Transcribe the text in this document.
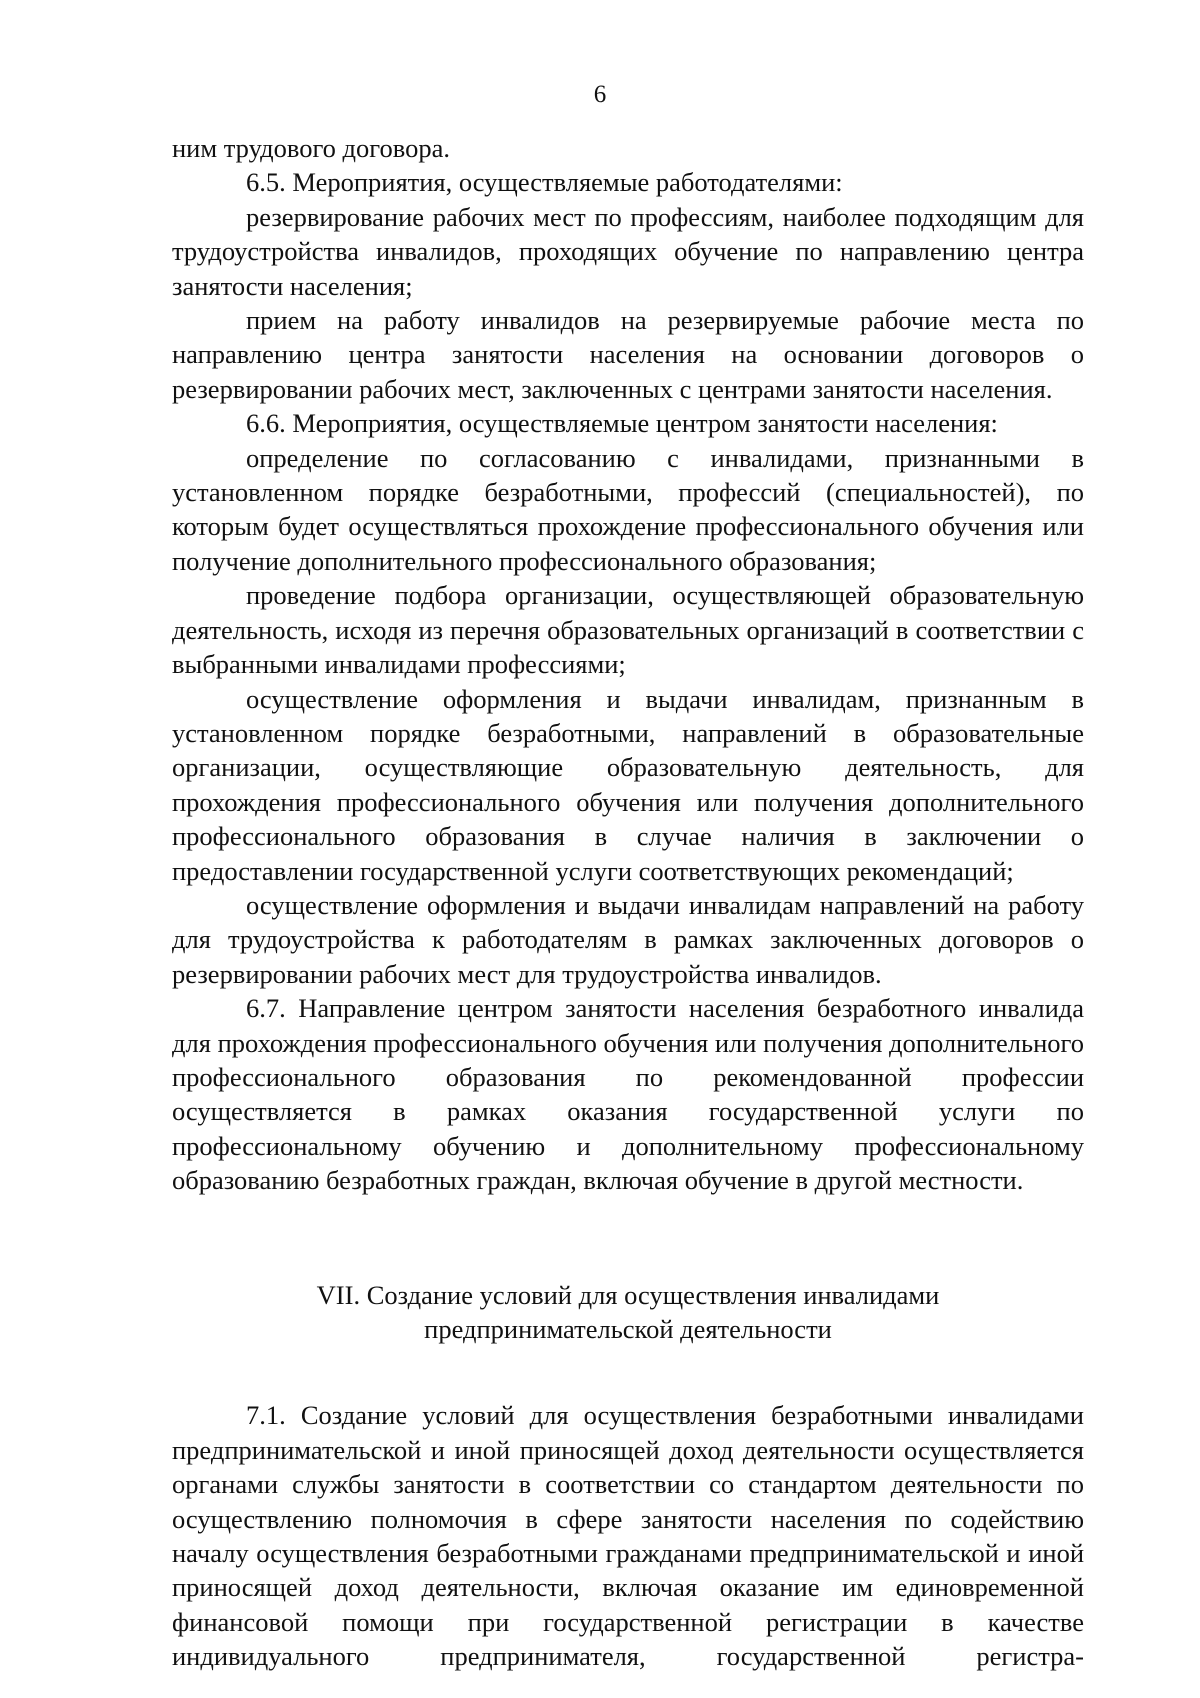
6

ним трудового договора.

6.5. Мероприятия, осуществляемые работодателями:

резервирование рабочих мест по профессиям, наиболее подходящим для трудоустройства инвалидов, проходящих обучение по направлению центра занятости населения;

прием на работу инвалидов на резервируемые рабочие места по направлению центра занятости населения на основании договоров о резервировании рабочих мест, заключенных с центрами занятости населения.

6.6. Мероприятия, осуществляемые центром занятости населения:

определение по согласованию с инвалидами, признанными в установленном порядке безработными, профессий (специальностей), по которым будет осуществляться прохождение профессионального обучения или получение дополнительного профессионального образования;

проведение подбора организации, осуществляющей образовательную деятельность, исходя из перечня образовательных организаций в соответствии с выбранными инвалидами профессиями;

осуществление оформления и выдачи инвалидам, признанным в установленном порядке безработными, направлений в образовательные организации, осуществляющие образовательную деятельность, для прохождения профессионального обучения или получения дополнительного профессионального образования в случае наличия в заключении о предоставлении государственной услуги соответствующих рекомендаций;

осуществление оформления и выдачи инвалидам направлений на работу для трудоустройства к работодателям в рамках заключенных договоров о резервировании рабочих мест для трудоустройства инвалидов.

6.7. Направление центром занятости населения безработного инвалида для прохождения профессионального обучения или получения дополнительного профессионального образования по рекомендованной профессии осуществляется в рамках оказания государственной услуги по профессиональному обучению и дополнительному профессиональному образованию безработных граждан, включая обучение в другой местности.

VII. Создание условий для осуществления инвалидами

предпринимательской деятельности

7.1. Создание условий для осуществления безработными инвалидами предпринимательской и иной приносящей доход деятельности осуществляется органами службы занятости в соответствии со стандартом деятельности по осуществлению полномочия в сфере занятости населения по содействию началу осуществления безработными гражданами предпринимательской и иной приносящей доход деятельности, включая оказание им единовременной финансовой помощи при государственной регистрации в качестве индивидуального предпринимателя, государственной регистра-
